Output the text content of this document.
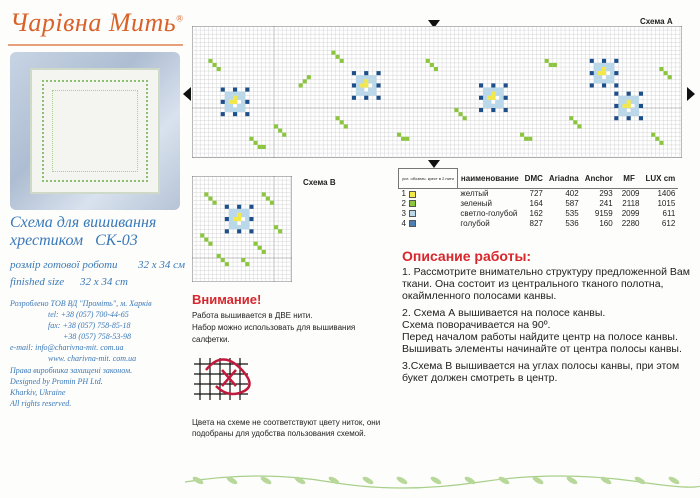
Чарівна Мить®
Схема для вишивання
хрестиком СК-03
розмір готової роботи 32 х 34 см
finished size 32 x 34 cm
Розроблено ТОВ ВД "Проміть", м. Харків
tel: +38 (057) 700-44-65
fax: +38 (057) 758-85-18
+38 (057) 758-53-98
e-mail: info@charivna-mit. com.ua
www. charivna-mit. com.ua
Права виробника захищені законом.
Designed by Promin PH Ltd.
Kharkiv, Ukraine
All rights reserved.
Схема А
Схема В	усл. обознач. крест в 2 нити	наименование	DMC	Ariadna	Anchor	MF	LUX cm
1	желтый	727	402	293	2009	1406
2	зеленый	164	587	241	2118	1015
3	светло-голубой	162	535	9159	2099	611
4	голубой	827	536	160	2280	612
Внимание!
Работа вышивается в ДВЕ нити.
Набор можно использовать для вышивания
салфетки.
Цвета на схеме не соответствуют цвету ниток, они
подобраны для удобства пользования схемой.
Описание работы:

1. Рассмотрите внимательно структуру предложенной Вам ткани. Она состоит из центрального тканого полотна, окаймленного полосами канвы.

2. Схема А вышивается на полосе канвы.
Схема поворачивается на 90º.
Перед началом работы найдите центр на полосе канвы.

Вышивать элементы начинайте от центра полосы канвы.

3.Схема В вышивается на углах полосы канвы, при этом букет должен смотреть в центр.
